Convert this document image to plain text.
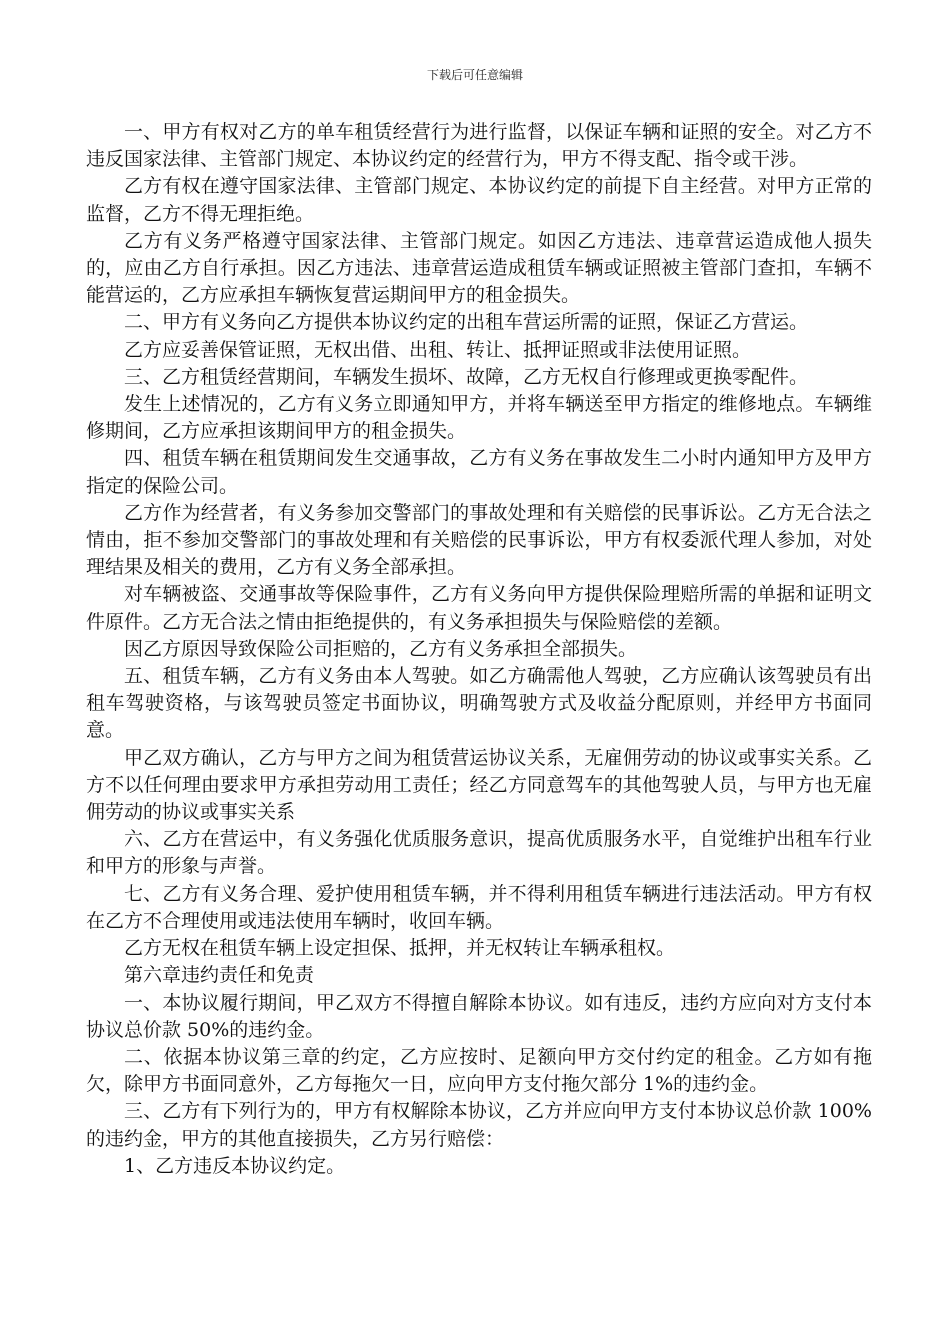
下载后可任意编辑

一、甲方有权对乙方的单车租赁经营行为进行监督，以保证车辆和证照的安全。对乙方不违反国家法律、主管部门规定、本协议约定的经营行为，甲方不得支配、指令或干涉。

乙方有权在遵守国家法律、主管部门规定、本协议约定的前提下自主经营。对甲方正常的监督，乙方不得无理拒绝。

乙方有义务严格遵守国家法律、主管部门规定。如因乙方违法、违章营运造成他人损失的，应由乙方自行承担。因乙方违法、违章营运造成租赁车辆或证照被主管部门查扣，车辆不能营运的，乙方应承担车辆恢复营运期间甲方的租金损失。

二、甲方有义务向乙方提供本协议约定的出租车营运所需的证照，保证乙方营运。

乙方应妥善保管证照，无权出借、出租、转让、抵押证照或非法使用证照。

三、乙方租赁经营期间，车辆发生损坏、故障，乙方无权自行修理或更换零配件。

发生上述情况的，乙方有义务立即通知甲方，并将车辆送至甲方指定的维修地点。车辆维修期间，乙方应承担该期间甲方的租金损失。

四、租赁车辆在租赁期间发生交通事故，乙方有义务在事故发生二小时内通知甲方及甲方指定的保险公司。

乙方作为经营者，有义务参加交警部门的事故处理和有关赔偿的民事诉讼。乙方无合法之情由，拒不参加交警部门的事故处理和有关赔偿的民事诉讼，甲方有权委派代理人参加，对处理结果及相关的费用，乙方有义务全部承担。

对车辆被盗、交通事故等保险事件，乙方有义务向甲方提供保险理赔所需的单据和证明文件原件。乙方无合法之情由拒绝提供的，有义务承担损失与保险赔偿的差额。

因乙方原因导致保险公司拒赔的，乙方有义务承担全部损失。

五、租赁车辆，乙方有义务由本人驾驶。如乙方确需他人驾驶，乙方应确认该驾驶员有出租车驾驶资格，与该驾驶员签定书面协议，明确驾驶方式及收益分配原则，并经甲方书面同意。

甲乙双方确认，乙方与甲方之间为租赁营运协议关系，无雇佣劳动的协议或事实关系。乙方不以任何理由要求甲方承担劳动用工责任；经乙方同意驾车的其他驾驶人员，与甲方也无雇佣劳动的协议或事实关系

六、乙方在营运中，有义务强化优质服务意识，提高优质服务水平，自觉维护出租车行业和甲方的形象与声誉。

七、乙方有义务合理、爱护使用租赁车辆，并不得利用租赁车辆进行违法活动。甲方有权在乙方不合理使用或违法使用车辆时，收回车辆。

乙方无权在租赁车辆上设定担保、抵押，并无权转让车辆承租权。

第六章违约责任和免责

一、本协议履行期间，甲乙双方不得擅自解除本协议。如有违反，违约方应向对方支付本协议总价款 50%的违约金。

二、依据本协议第三章的约定，乙方应按时、足额向甲方交付约定的租金。乙方如有拖欠，除甲方书面同意外，乙方每拖欠一日，应向甲方支付拖欠部分 1%的违约金。

三、乙方有下列行为的，甲方有权解除本协议，乙方并应向甲方支付本协议总价款 100%的违约金，甲方的其他直接损失，乙方另行赔偿：

1、乙方违反本协议约定。
